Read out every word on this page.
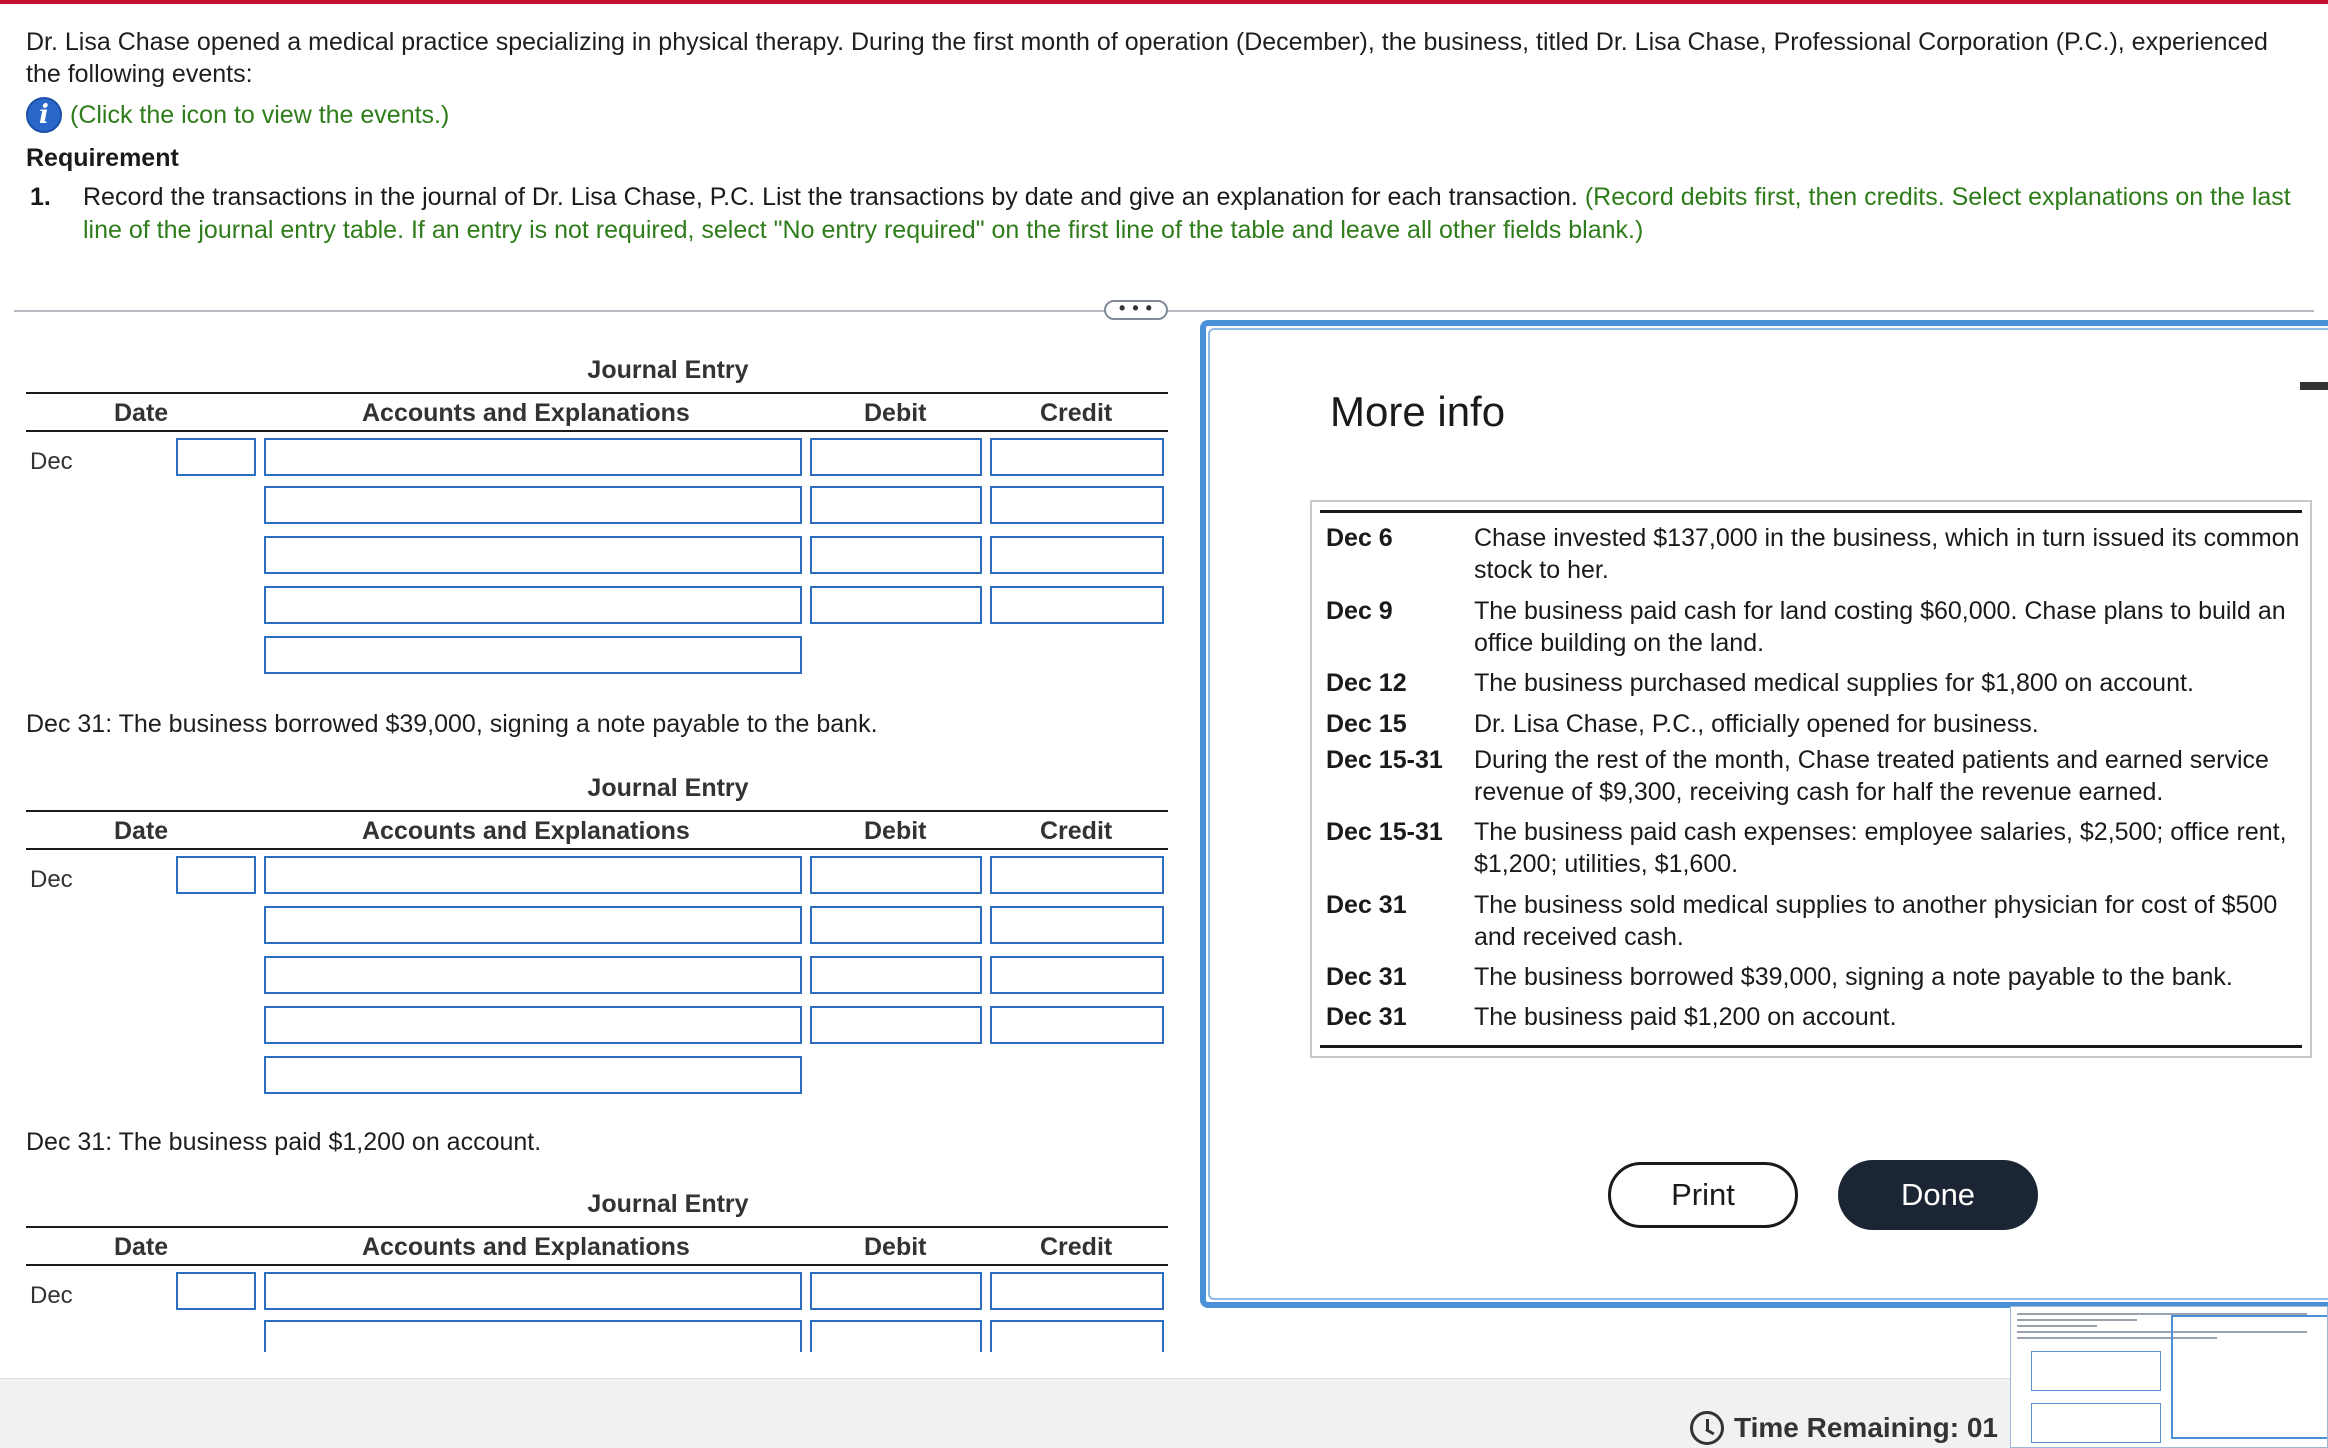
Dr. Lisa Chase opened a medical practice specializing in physical therapy. During the first month of operation (December), the business, titled Dr. Lisa Chase, Professional Corporation (P.C.), experienced the following events:
i (Click the icon to view the events.)
Requirement
1.	Record the transactions in the journal of Dr. Lisa Chase, P.C. List the transactions by date and give an explanation for each transaction. (Record debits first, then credits. Select explanations on the last line of the journal entry table. If an entry is not required, select "No entry required" on the first line of the table and leave all other fields blank.)
• • •
Journal Entry
Date	Accounts and Explanations	Debit	Credit
Dec
Dec 31: The business borrowed $39,000, signing a note payable to the bank.
Journal Entry
Date	Accounts and Explanations	Debit	Credit
Dec
Dec 31: The business paid $1,200 on account.
Journal Entry
Date	Accounts and Explanations	Debit	Credit
Dec
More info
Dec 6	Chase invested $137,000 in the business, which in turn issued its common stock to her.
Dec 9	The business paid cash for land costing $60,000. Chase plans to build an office building on the land.
Dec 12	The business purchased medical supplies for $1,800 on account.
Dec 15	Dr. Lisa Chase, P.C., officially opened for business.
Dec 15-31	During the rest of the month, Chase treated patients and earned service revenue of $9,300, receiving cash for half the revenue earned.
Dec 15-31	The business paid cash expenses: employee salaries, $2,500; office rent, $1,200; utilities, $1,600.
Dec 31	The business sold medical supplies to another physician for cost of $500 and received cash.
Dec 31	The business borrowed $39,000, signing a note payable to the bank.
Dec 31	The business paid $1,200 on account.
Print	Done
Time Remaining: 01
